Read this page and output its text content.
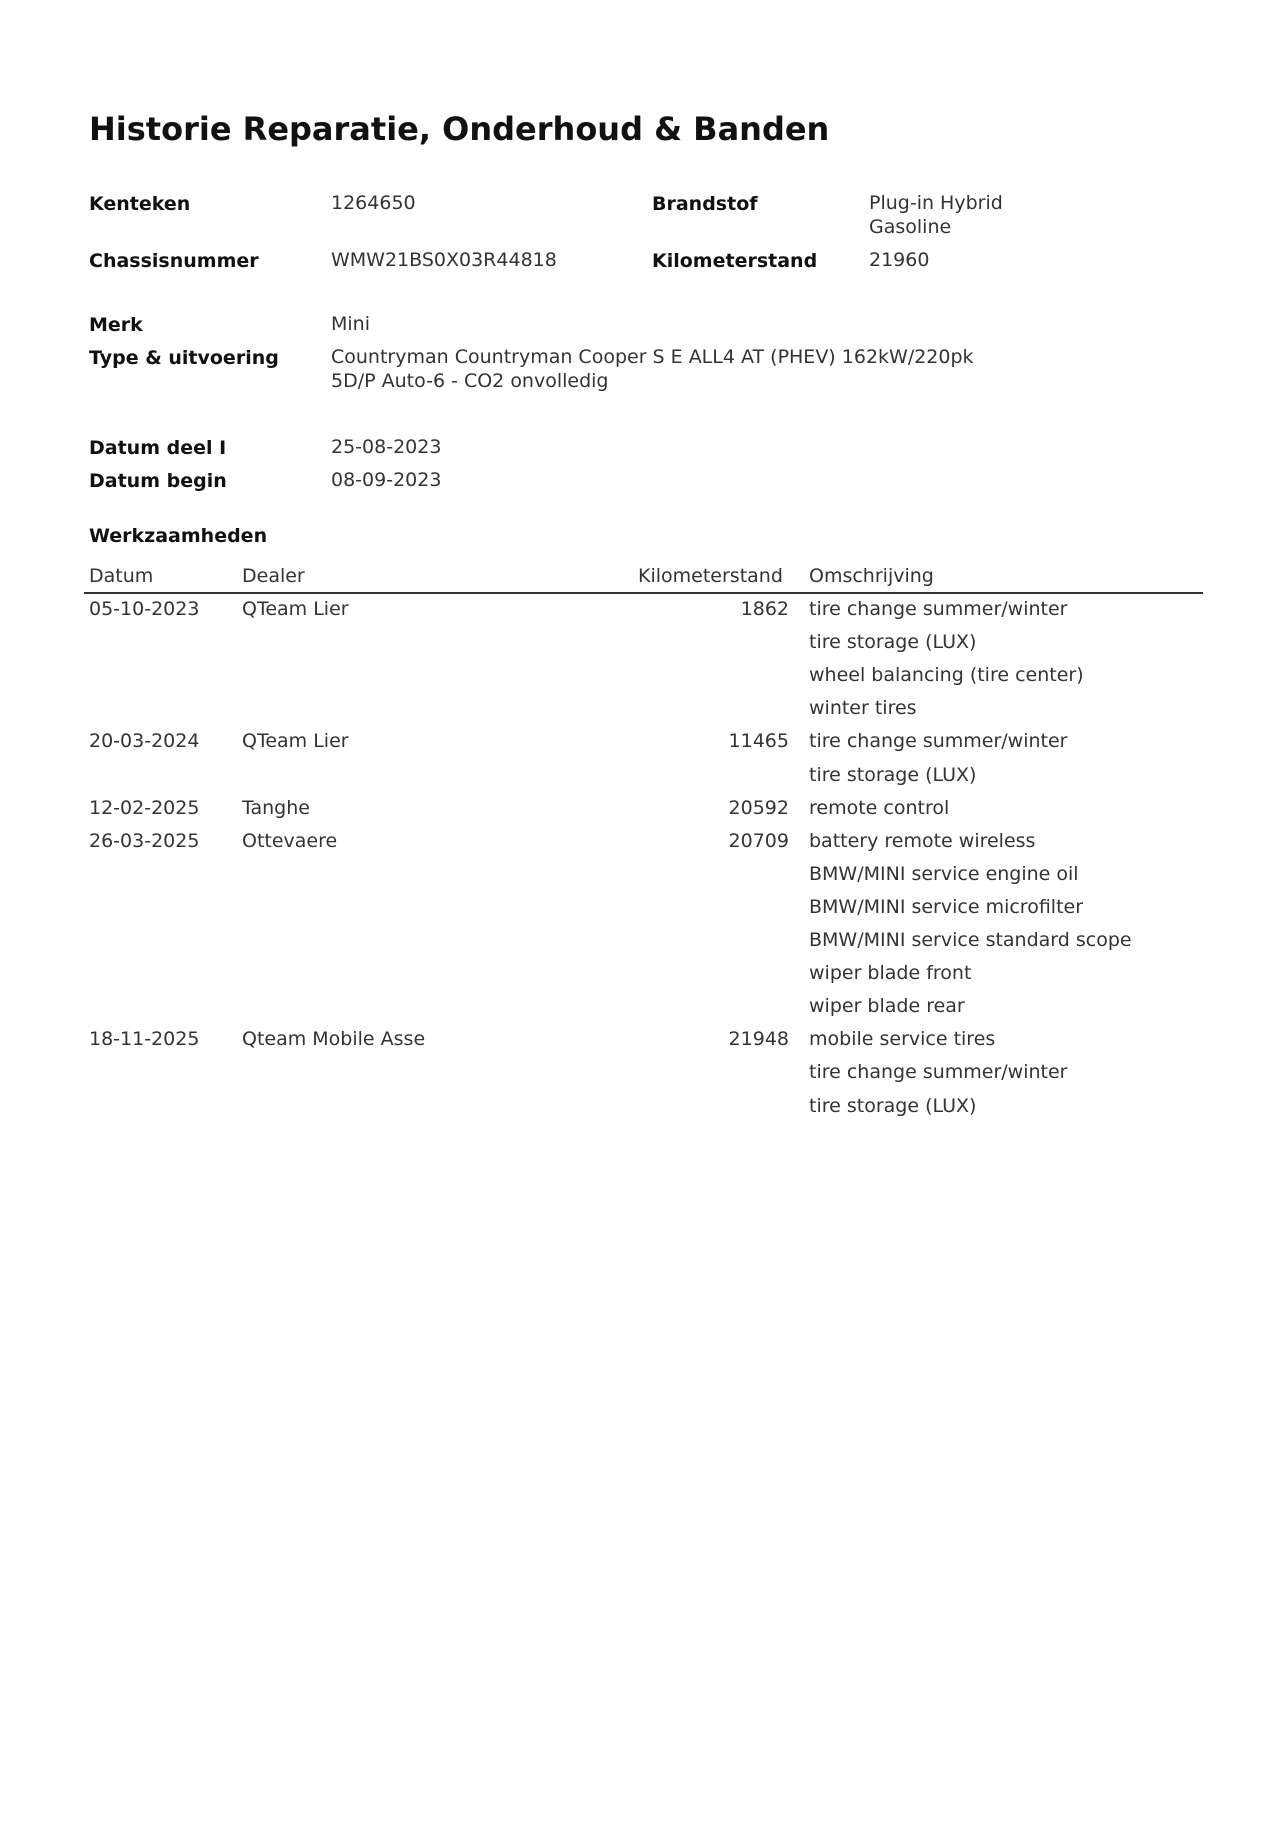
Historie Reparatie, Onderhoud & Banden
Kenteken	1264650	Brandstof	Plug-in Hybrid
Gasoline
Chassisnummer	WMW21BS0X03R44818	Kilometerstand	21960
Merk	Mini
Type & uitvoering	Countryman Countryman Cooper S E ALL4 AT (PHEV) 162kW/220pk
5D/P Auto-6 - CO2 onvolledig
Datum deel I	25-08-2023
Datum begin	08-09-2023
Werkzaamheden
Datum	Dealer	Kilometerstand Omschrijving
05-10-2023 QTeam Lier	1862 tire change summer/winter
tire storage (LUX)
wheel balancing (tire center)
winter tires
20-03-2024 QTeam Lier	11465 tire change summer/winter
tire storage (LUX)
12-02-2025 Tanghe	20592 remote control
26-03-2025 Ottevaere	20709 battery remote wireless
BMW/MINI service engine oil
BMW/MINI service microfilter
BMW/MINI service standard scope
wiper blade front
wiper blade rear
18-11-2025 Qteam Mobile Asse	21948 mobile service tires
tire change summer/winter
tire storage (LUX)
